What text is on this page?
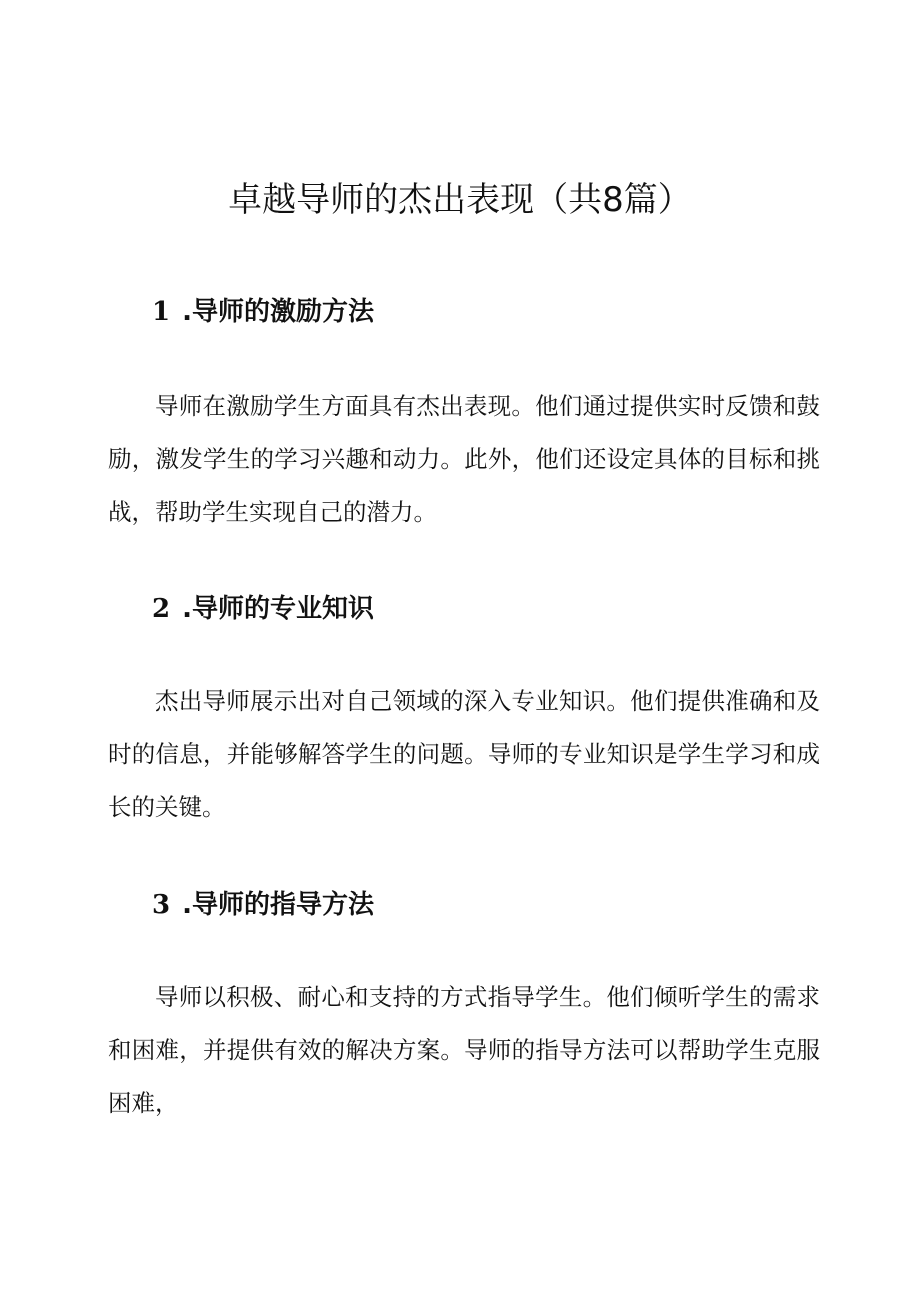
卓越导师的杰出表现（共8篇）
1 .导师的激励方法

导师在激励学生方面具有杰出表现。他们通过提供实时反馈和鼓励，激发学生的学习兴趣和动力。此外，他们还设定具体的目标和挑战，帮助学生实现自己的潜力。

2 .导师的专业知识

杰出导师展示出对自己领域的深入专业知识。他们提供准确和及时的信息，并能够解答学生的问题。导师的专业知识是学生学习和成长的关键。

3 .导师的指导方法

导师以积极、耐心和支持的方式指导学生。他们倾听学生的需求和困难，并提供有效的解决方案。导师的指导方法可以帮助学生克服困难，
